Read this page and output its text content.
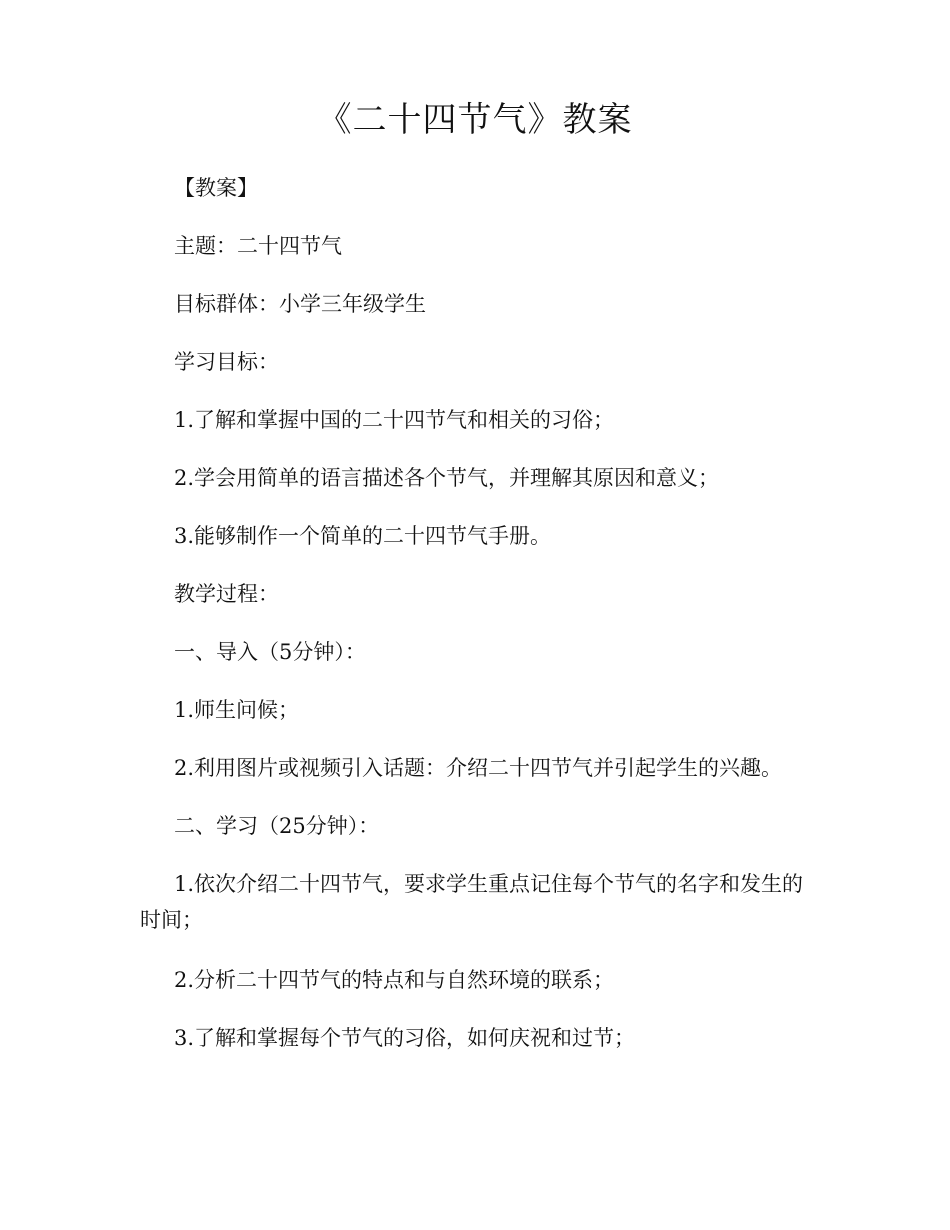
《二十四节气》教案

【教案】

主题：二十四节气

目标群体：小学三年级学生

学习目标：

1.了解和掌握中国的二十四节气和相关的习俗；

2.学会用简单的语言描述各个节气，并理解其原因和意义；

3.能够制作一个简单的二十四节气手册。

教学过程：

一、导入（5分钟）：

1.师生问候；

2.利用图片或视频引入话题：介绍二十四节气并引起学生的兴趣。

二、学习（25分钟）：

1.依次介绍二十四节气，要求学生重点记住每个节气的名字和发生的时间；

2.分析二十四节气的特点和与自然环境的联系；

3.了解和掌握每个节气的习俗，如何庆祝和过节；
